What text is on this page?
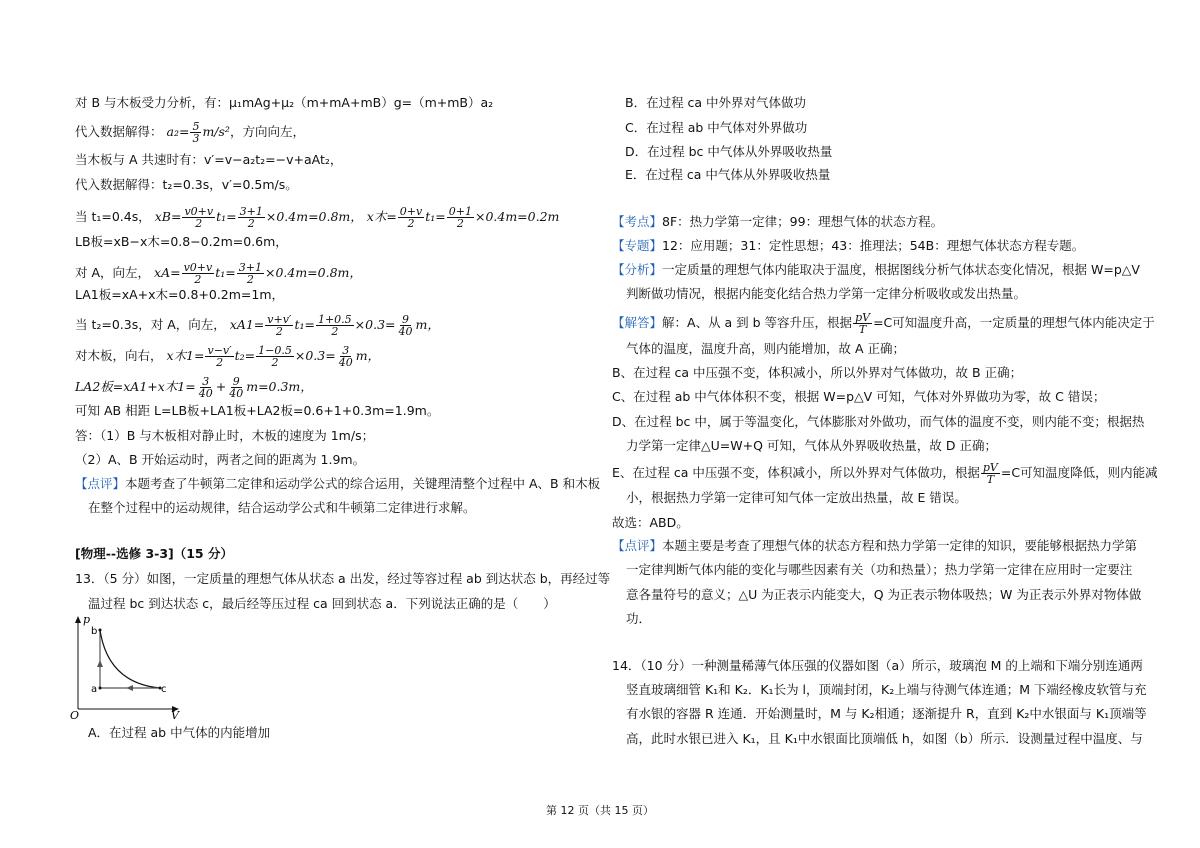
对 B 与木板受力分析，有：μ₁mAg+μ₂（m+mA+mB）g=（m+mB）a₂
代入数据解得： $a_2= \frac{5}{3} m/s^2$，方向向左，
当木板与 A 共速时有：v′=v−a₂t₂=−v+aAt₂，
代入数据解得：t₂=0.3s，v′=0.5m/s。
当 t₁=0.4s， $xB= \frac{v0+v}{2} t_1= \frac{3+1}{2} \times 0.4m=0.8m$， x木= $\frac{0+v}{2} t_1= \frac{0+1}{2} \times 0.4m=0.2m$
LB板=xB−x木=0.8−0.2m=0.6m，
对 A，向左， $xA= \frac{v0+v}{2} t_1= \frac{3+1}{2} \times 0.4m=0.8m$，
LA1板=xA+x木=0.8+0.2m=1m，
当 t₂=0.3s，对 A，向左， $xA1= \frac{v+v'}{2} t_1= \frac{1+0.5}{2} \times 0.3= \frac{9}{40}$ m，
对木板，向右， x木$1= \frac{v-v'}{2} t_2= \frac{1-0.5}{2} \times 0.3= \frac{3}{40}$ m，
LA2板=xA1+x木$1= \frac{3}{40} + \frac{9}{40} m=0.3m$，
可知 AB 相距 L=LB板+LA1板+LA2板=0.6+1+0.3m=1.9m。
答：（1）B 与木板相对静止时，木板的速度为 1m/s；
（2）A、B 开始运动时，两者之间的距离为 1.9m。
【点评】本题考查了牛顿第二定律和运动学公式的综合运用，关键理清整个过程中 A、B 和木板
在整个过程中的运动规律，结合运动学公式和牛顿第二定律进行求解。
[物理--选修 3-3]（15 分）
13．（5 分）如图，一定质量的理想气体从状态 a 出发，经过等容过程 ab 到达状态 b，再经过等
温过程 bc 到达状态 c，最后经等压过程 ca 回到状态 a．下列说法正确的是（　　）
p
V
O
b
a	c
A．在过程 ab 中气体的内能增加
B．在过程 ca 中外界对气体做功
C．在过程 ab 中气体对外界做功
D．在过程 bc 中气体从外界吸收热量
E．在过程 ca 中气体从外界吸收热量
【考点】8F：热力学第一定律；99：理想气体的状态方程。
【专题】12：应用题；31：定性思想；43：推理法；54B：理想气体状态方程专题。
【分析】一定质量的理想气体内能取决于温度，根据图线分析气体状态变化情况，根据 W=p△V
判断做功情况，根据内能变化结合热力学第一定律分析吸收或发出热量。
【解答】解：A、从 a 到 b 等容升压，根据 $\frac{pV}{T} =C$可知温度升高，一定质量的理想气体内能决定于
气体的温度，温度升高，则内能增加，故 A 正确；
B、在过程 ca 中压强不变，体积减小，所以外界对气体做功，故 B 正确；
C、在过程 ab 中气体体积不变，根据 W=p△V 可知，气体对外界做功为零，故 C 错误；
D、在过程 bc 中，属于等温变化，气体膨胀对外做功，而气体的温度不变，则内能不变；根据热
力学第一定律△U=W+Q 可知，气体从外界吸收热量，故 D 正确；
E、在过程 ca 中压强不变，体积减小，所以外界对气体做功，根据 $\frac{pV}{T} =C$可知温度降低，则内能减
小，根据热力学第一定律可知气体一定放出热量，故 E 错误。
故选：ABD。
【点评】本题主要是考查了理想气体的状态方程和热力学第一定律的知识，要能够根据热力学第
一定律判断气体内能的变化与哪些因素有关（功和热量）；热力学第一定律在应用时一定要注
意各量符号的意义；△U 为正表示内能变大，Q 为正表示物体吸热；W 为正表示外界对物体做
功．
14．（10 分）一种测量稀薄气体压强的仪器如图（a）所示，玻璃泡 M 的上端和下端分别连通两
竖直玻璃细管 K₁和 K₂．K₁长为 l，顶端封闭，K₂上端与待测气体连通；M 下端经橡皮软管与充
有水银的容器 R 连通．开始测量时，M 与 K₂相通；逐渐提升 R，直到 K₂中水银面与 K₁顶端等
高，此时水银已进入 K₁，且 K₁中水银面比顶端低 h，如图（b）所示．设测量过程中温度、与
第 12 页（共 15 页）
